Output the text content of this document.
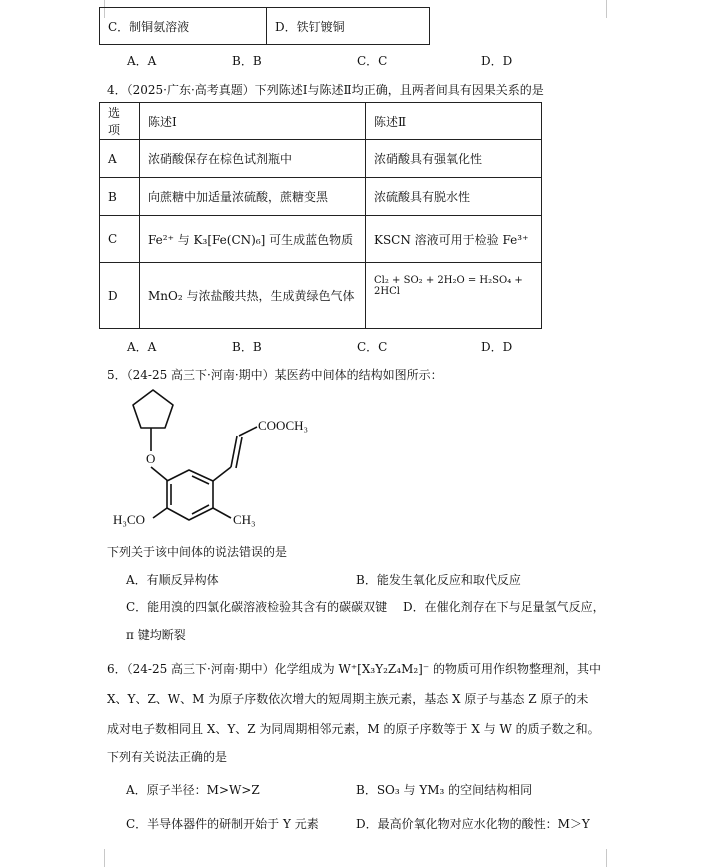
C．制铜氨溶液	D．铁钉镀铜
A．A	B．B	C．C	D．D
4．（2025·广东·高考真题）下列陈述Ⅰ与陈述Ⅱ均正确，且两者间具有因果关系的是
选项	陈述Ⅰ	陈述Ⅱ
A	浓硝酸保存在棕色试剂瓶中	浓硝酸具有强氧化性
B	向蔗糖中加适量浓硫酸，蔗糖变黑	浓硫酸具有脱水性
C	Fe²⁺ 与 K₃[Fe(CN)₆] 可生成蓝色物质	KSCN 溶液可用于检验 Fe³⁺
D	MnO₂ 与浓盐酸共热，生成黄绿色气体	Cl₂ + SO₂ + 2H₂O = H₂SO₄ + 2HCl
A．A	B．B	C．C	D．D
5．（24-25 高三下·河南·期中）某医药中间体的结构如图所示：
COOCH₃
O
H₃CO	CH₃
下列关于该中间体的说法错误的是
A．有顺反异构体	B．能发生氧化反应和取代反应
C．能用溴的四氯化碳溶液检验其含有的碳碳双键 D．在催化剂存在下与足量氢气反应，
π 键均断裂
6．（24-25 高三下·河南·期中）化学组成为 W⁺[X₃Y₂Z₄M₂]⁻ 的物质可用作织物整理剂，其中
X、Y、Z、W、M 为原子序数依次增大的短周期主族元素，基态 X 原子与基态 Z 原子的未
成对电子数相同且 X、Y、Z 为同周期相邻元素，M 的原子序数等于 X 与 W 的质子数之和。
下列有关说法正确的是
A．原子半径：M>W>Z	B．SO₃ 与 YM₃ 的空间结构相同
C．半导体器件的研制开始于 Y 元素	D．最高价氧化物对应水化物的酸性：M＞Y
